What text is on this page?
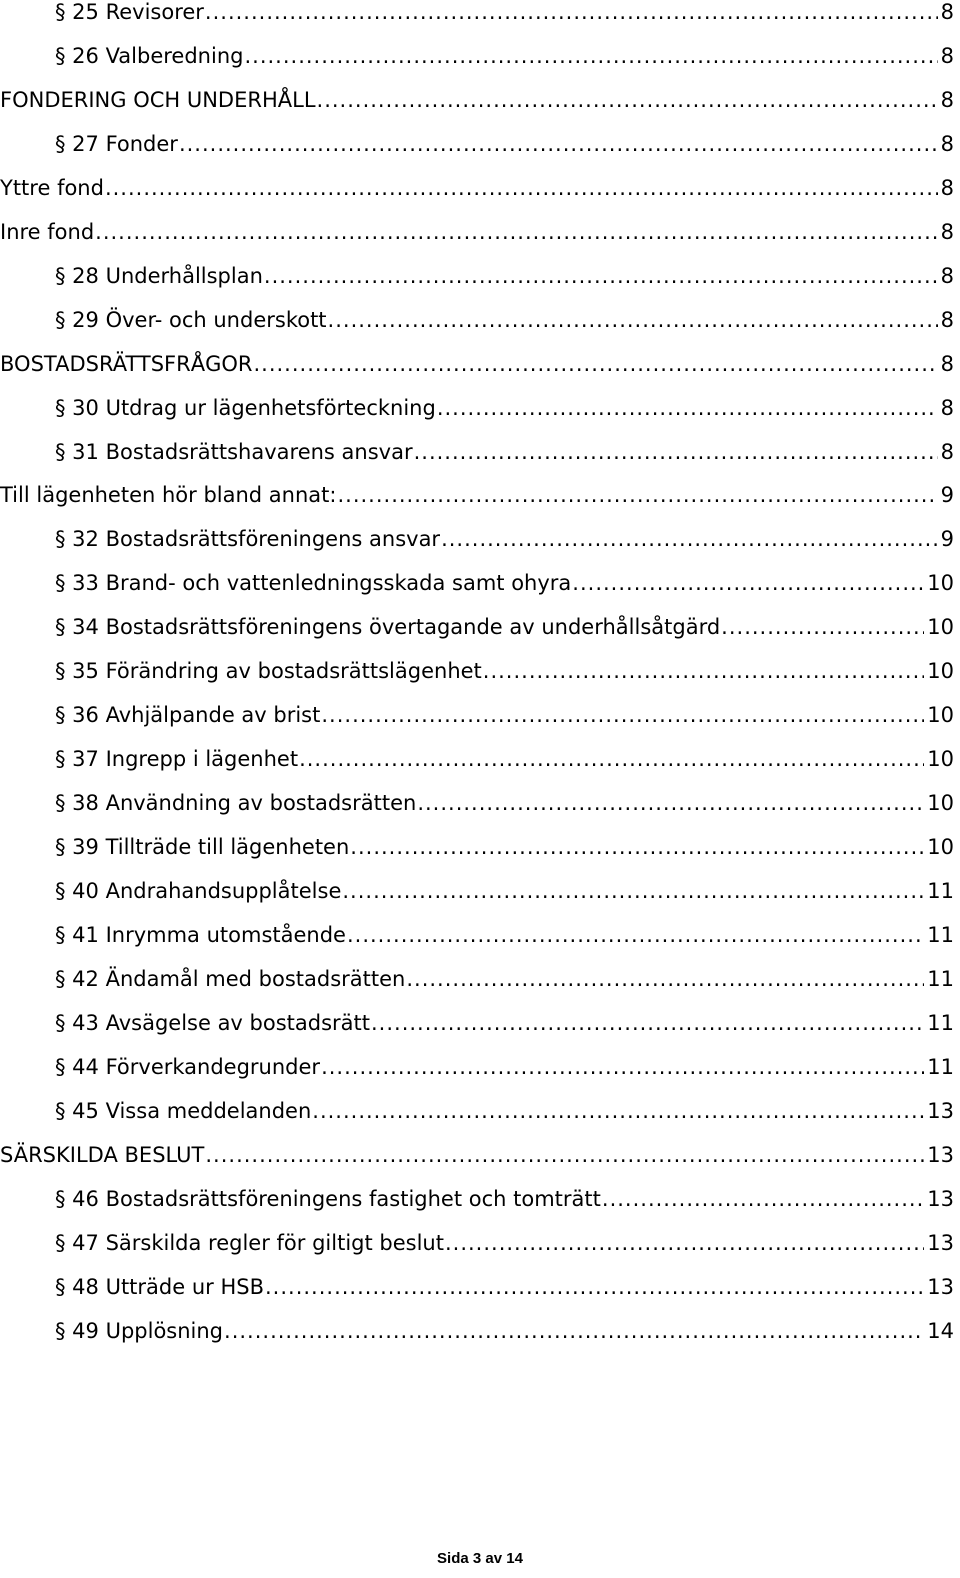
§ 25 Revisorer .....	8
§ 26 Valberedning .....	8
FONDERING OCH UNDERHÅLL .....	8
§ 27 Fonder .....	8
Yttre fond .....	8
Inre fond .....	8
§ 28 Underhållsplan .....	8
§ 29 Över- och underskott .....	8
BOSTADSRÄTTSFRÅGOR .....	8
§ 30 Utdrag ur lägenhetsförteckning .....	8
§ 31 Bostadsrättshavarens ansvar .....	8
Till lägenheten hör bland annat: .....	9
§ 32 Bostadsrättsföreningens ansvar .....	9
§ 33 Brand- och vattenledningsskada samt ohyra .....	10
§ 34 Bostadsrättsföreningens övertagande av underhållsåtgärd .....	10
§ 35 Förändring av bostadsrättslägenhet .....	10
§ 36 Avhjälpande av brist .....	10
§ 37 Ingrepp i lägenhet .....	10
§ 38 Användning av bostadsrätten .....	10
§ 39 Tillträde till lägenheten .....	10
§ 40 Andrahandsupplåtelse .....	11
§ 41 Inrymma utomstående .....	11
§ 42 Ändamål med bostadsrätten .....	11
§ 43 Avsägelse av bostadsrätt .....	11
§ 44 Förverkandegrunder .....	11
§ 45 Vissa meddelanden .....	13
SÄRSKILDA BESLUT .....	13
§ 46 Bostadsrättsföreningens fastighet och tomträtt .....	13
§ 47 Särskilda regler för giltigt beslut .....	13
§ 48 Utträde ur HSB .....	13
§ 49 Upplösning .....	14
Sida 3 av 14
